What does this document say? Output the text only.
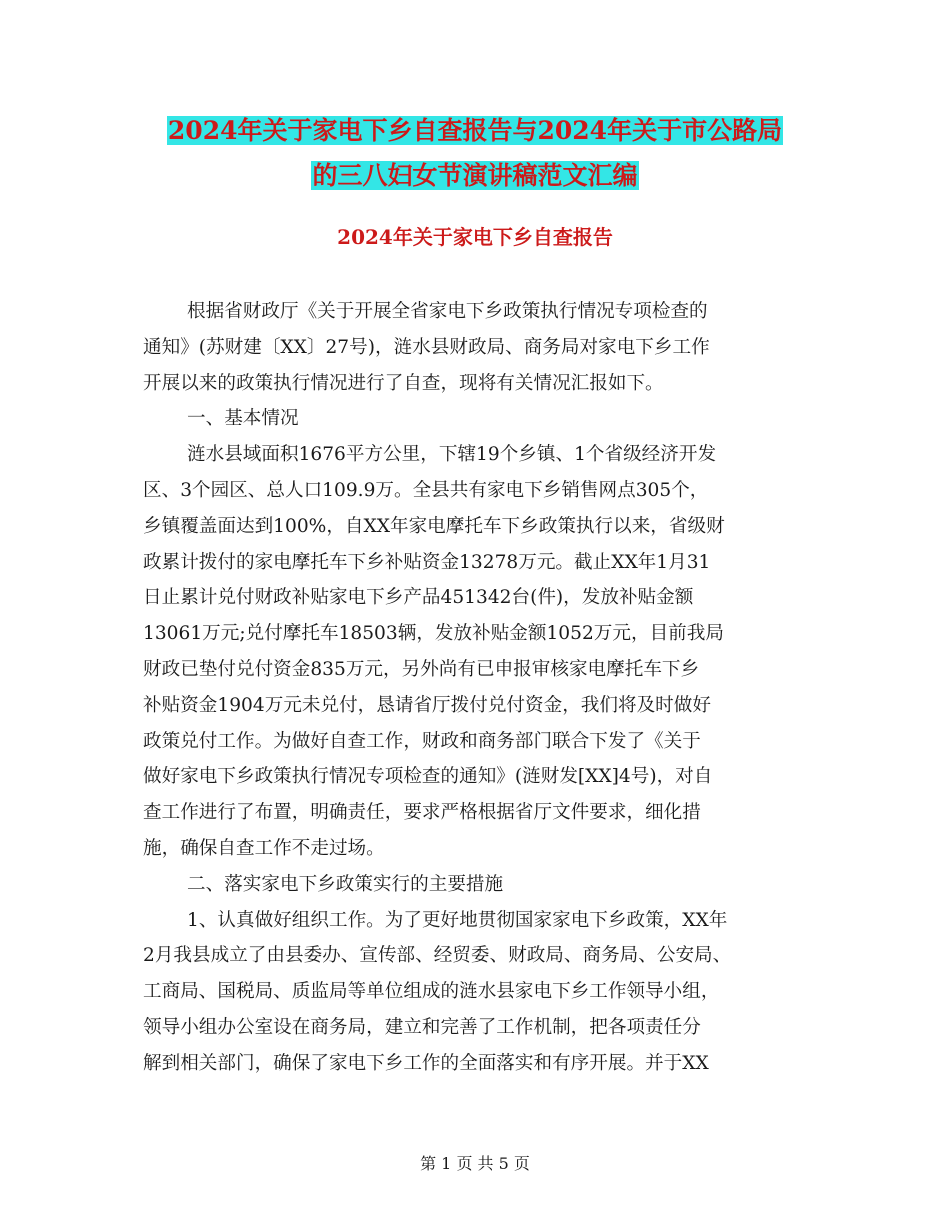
2024年关于家电下乡自查报告与2024年关于市公路局
的三八妇女节演讲稿范文汇编
2024年关于家电下乡自查报告
根据省财政厅《关于开展全省家电下乡政策执行情况专项检查的
通知》(苏财建〔XX〕27号)，涟水县财政局、商务局对家电下乡工作
开展以来的政策执行情况进行了自查，现将有关情况汇报如下。
一、基本情况
涟水县域面积1676平方公里，下辖19个乡镇、1个省级经济开发
区、3个园区、总人口109.9万。全县共有家电下乡销售网点305个，
乡镇覆盖面达到100%，自XX年家电摩托车下乡政策执行以来，省级财
政累计拨付的家电摩托车下乡补贴资金13278万元。截止XX年1月31
日止累计兑付财政补贴家电下乡产品451342台(件)，发放补贴金额
13061万元;兑付摩托车18503辆，发放补贴金额1052万元，目前我局
财政已垫付兑付资金835万元，另外尚有已申报审核家电摩托车下乡
补贴资金1904万元未兑付，恳请省厅拨付兑付资金，我们将及时做好
政策兑付工作。为做好自查工作，财政和商务部门联合下发了《关于
做好家电下乡政策执行情况专项检查的通知》(涟财发[XX]4号)，对自
查工作进行了布置，明确责任，要求严格根据省厅文件要求，细化措
施，确保自查工作不走过场。
二、落实家电下乡政策实行的主要措施
1、认真做好组织工作。为了更好地贯彻国家家电下乡政策，XX年
2月我县成立了由县委办、宣传部、经贸委、财政局、商务局、公安局、
工商局、国税局、质监局等单位组成的涟水县家电下乡工作领导小组，
领导小组办公室设在商务局，建立和完善了工作机制，把各项责任分
解到相关部门，确保了家电下乡工作的全面落实和有序开展。并于XX
第 1 页 共 5 页
